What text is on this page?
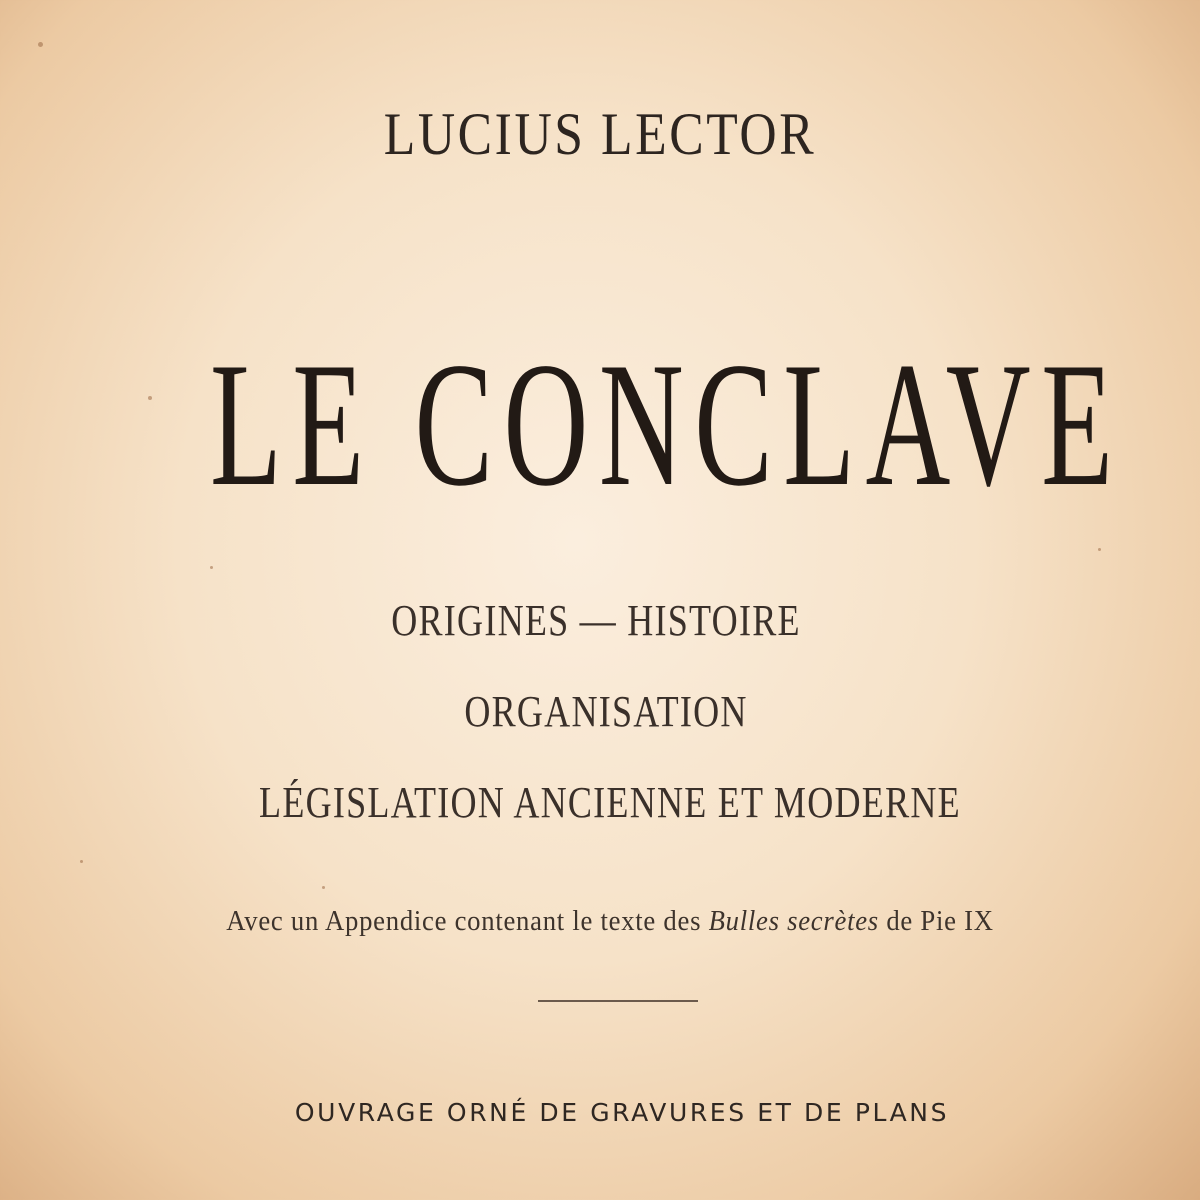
LUCIUS LECTOR
LE CONCLAVE
ORIGINES — HISTOIRE
ORGANISATION
LÉGISLATION ANCIENNE ET MODERNE
Avec un Appendice contenant le texte des Bulles secrètes de Pie IX
OUVRAGE ORNÉ DE GRAVURES ET DE PLANS
